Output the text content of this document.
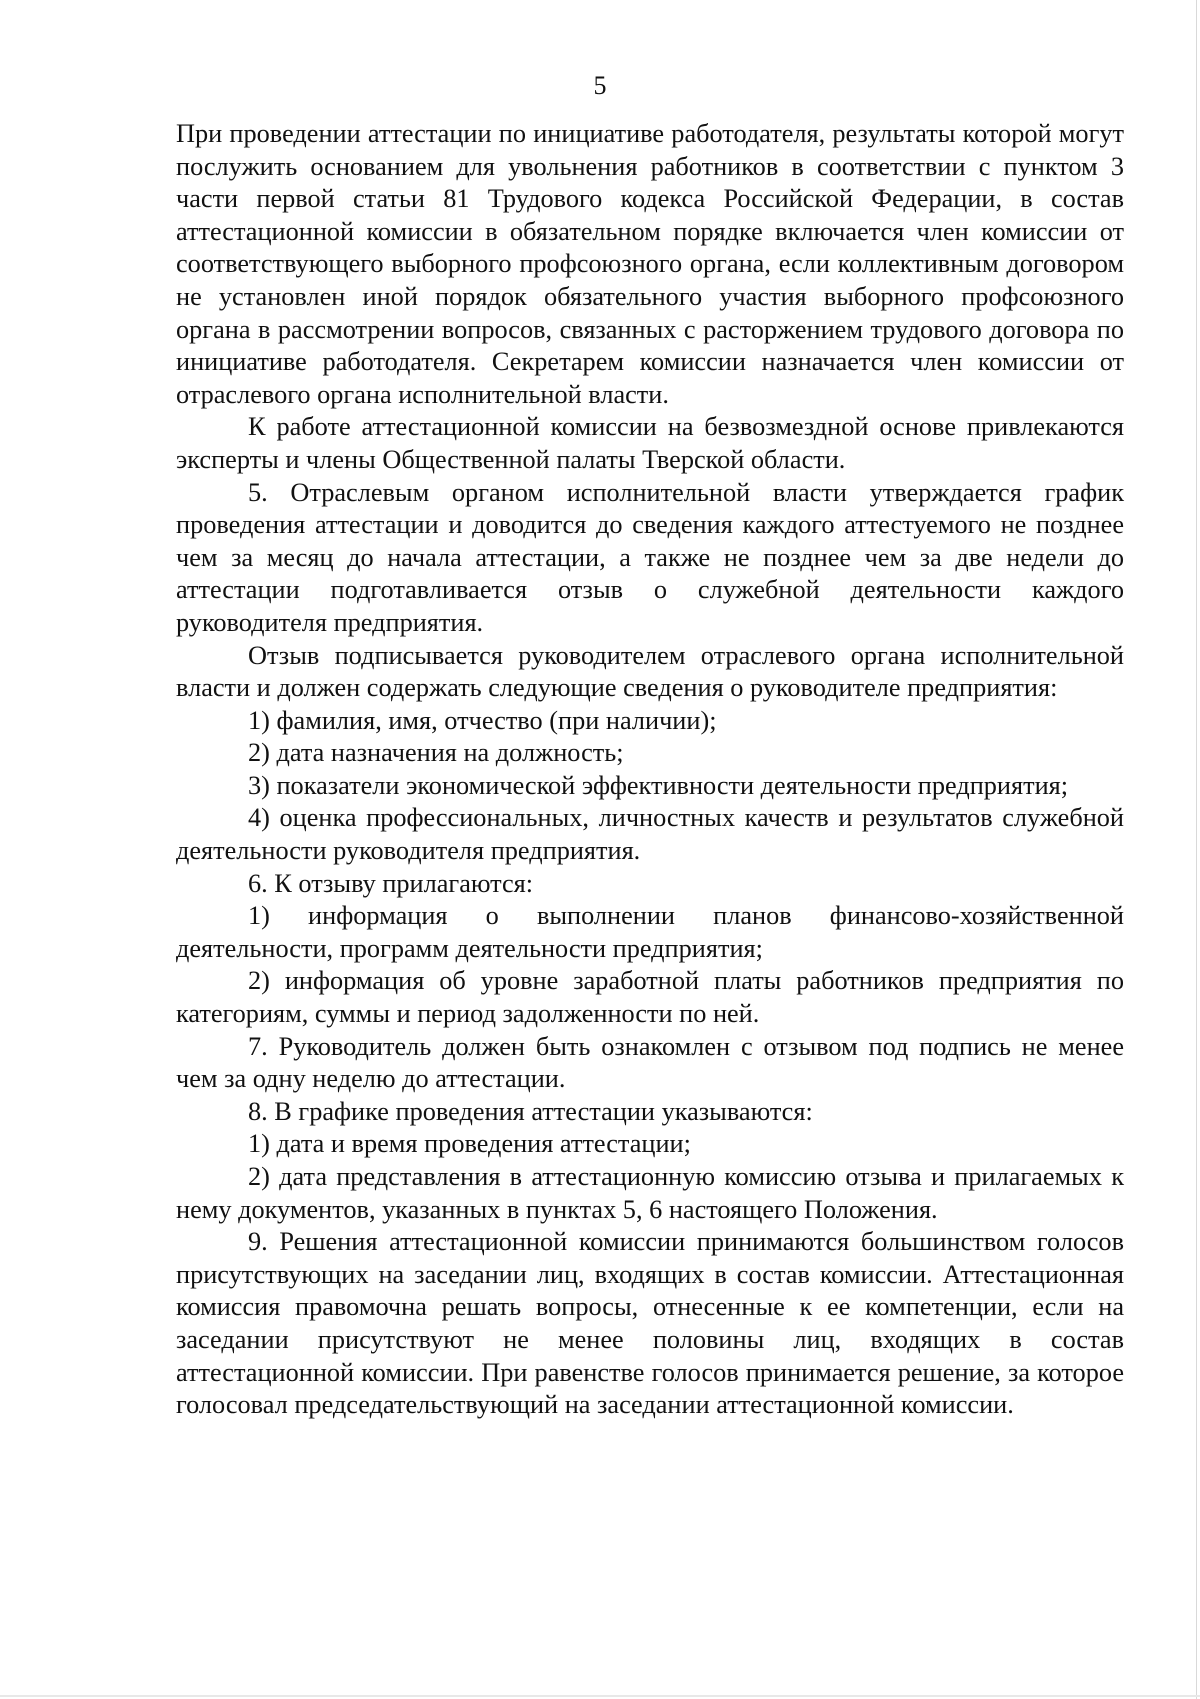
5

При проведении аттестации по инициативе работодателя, результаты которой могут послужить основанием для увольнения работников в соответствии с пунктом 3 части первой статьи 81 Трудового кодекса Российской Федерации, в состав аттестационной комиссии в обязательном порядке включается член комиссии от соответствующего выборного профсоюзного органа, если коллективным договором не установлен иной порядок обязательного участия выборного профсоюзного органа в рассмотрении вопросов, связанных с расторжением трудового договора по инициативе работодателя. Секретарем комиссии назначается член комиссии от отраслевого органа исполнительной власти.

К работе аттестационной комиссии на безвозмездной основе привлекаются эксперты и члены Общественной палаты Тверской области.

5. Отраслевым органом исполнительной власти утверждается график проведения аттестации и доводится до сведения каждого аттестуемого не позднее чем за месяц до начала аттестации, а также не позднее чем за две недели до аттестации подготавливается отзыв о служебной деятельности каждого руководителя предприятия.

Отзыв подписывается руководителем отраслевого органа исполнительной власти и должен содержать следующие сведения о руководителе предприятия:

1) фамилия, имя, отчество (при наличии);

2) дата назначения на должность;

3) показатели экономической эффективности деятельности предприятия;

4) оценка профессиональных, личностных качеств и результатов служебной деятельности руководителя предприятия.

6. К отзыву прилагаются:

1) информация о выполнении планов финансово-хозяйственной деятельности, программ деятельности предприятия;

2) информация об уровне заработной платы работников предприятия по категориям, суммы и период задолженности по ней.

7. Руководитель должен быть ознакомлен с отзывом под подпись не менее чем за одну неделю до аттестации.

8. В графике проведения аттестации указываются:

1) дата и время проведения аттестации;

2) дата представления в аттестационную комиссию отзыва и прилагаемых к нему документов, указанных в пунктах 5, 6 настоящего Положения.

9. Решения аттестационной комиссии принимаются большинством голосов присутствующих на заседании лиц, входящих в состав комиссии. Аттестационная комиссия правомочна решать вопросы, отнесенные к ее компетенции, если на заседании присутствуют не менее половины лиц, входящих в состав аттестационной комиссии. При равенстве голосов принимается решение, за которое голосовал председательствующий на заседании аттестационной комиссии.
